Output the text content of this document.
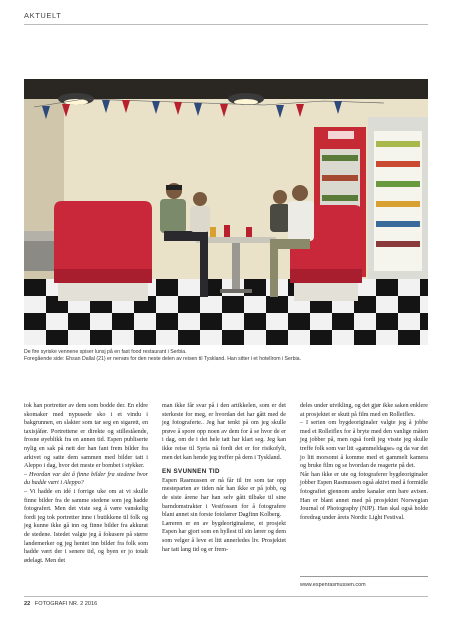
AKTUELT

De fire syriske vennene spiser lunsj på en fast food restaurant i Serbia.

Foregående side: Ehsan Dallal (21) er nervøs for den neste delen av reisen til Tyskland. Han sitter i et hotellrom i Serbia.

tok han portretter av dem som bodde der. En eldre skomaker med nypusede sko i et vindu i bakgrunnen, en slakter som tar seg en sigarett, en taxisjåfør. Portrettene er direkte og stillestående, frosne øyeblikk fra en annen tid. Espen publiserte nylig en sak på nett der han fant frem bilder fra arkivet og satte dem sammen med bilder tatt i Aleppo i dag, hvor det meste er bombet i stykker.

– Hvordan var det å finne bilder fra stedene hvor du hadde vært i Aleppo?

– Vi hadde en idé i forrige uke om at vi skulle finne bilder fra de samme stedene som jeg hadde fotografert. Men det viste seg å være vanskelig fordi jeg tok portretter inne i butikkene til folk og jeg kunne ikke gå inn og finne bilder fra akkurat de stedene. Istedet valgte jeg å fokusere på større landemerker og jeg hentet inn bilder fra folk som hadde vært der i senere tid, og byen er jo totalt ødelagt. Men det

man ikke får svar på i den artikkelen, som er det sterkeste for meg, er hvordan det har gått med de jeg fotograferte.. Jeg har tenkt på om jeg skulle prøve å spore opp noen av dem for å se hvor de er i dag, om de i det hele tatt har klart seg. Jeg kan ikke reise til Syria nå fordi det er for risikofylt, men det kan hende jeg treffer på dem i Tyskland.

EN SVUNNEN TID

Espen Rasmussen er nå får til tre som tar opp mesteparten av tiden når han ikke er på jobb, og de siste årene har han selv gått tilbake til sine barndomstrakter i Vestfossen for å fotografere blant annet sin forste fotolærer Dagfinn Kolberg.

Læreren er en av bygdeoriginalene, et prosjekt Espen har gjort som en hyllest til sin lærer og dem som velger å leve et litt annerledes liv. Prosjektet har tatt lang tid og er frem-

deles under utvikling, og det gjør ikke saken enklere at prosjektet er skutt på film med en Rolleiflex.

– I serien om bygdeoriginaler valgte jeg å jobbe med et Rolleiflex for å bryte med den vanlige måten jeg jobber på, men også fordi jeg visste jeg skulle treffe folk som var litt «gammeldagse» og da var det jo litt morsomt å komme med et gammelt kamera og bruke film og se hvordan de reagerte på det.

Når han ikke er ute og fotograferer bygdeoriginaler jobber Espen Rasmussen også aktivt med å formidle fotografiet gjennom andre kanaler enn bare avisen. Han er blant annet med på prosjektet Norwegian Journal of Photography (NJP). Han skal også holde foredrag under årets Nordic Light Festival.

www.espenrasmussen.com
22 FOTOGRAFI NR. 2 2016
